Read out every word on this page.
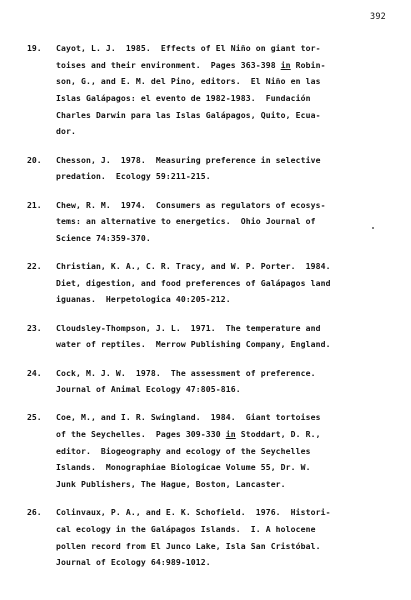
392
19.	Cayot, L. J.  1985.  Effects of El Niño on giant tor-
toises and their environment.  Pages 363-398 in Robin-
son, G., and E. M. del Pino, editors.  El Niño en las
Islas Galápagos: el evento de 1982-1983.  Fundación
Charles Darwin para las Islas Galápagos, Quito, Ecua-
dor.
20.	Chesson, J.  1978.  Measuring preference in selective
predation.  Ecology 59:211-215.
21.	Chew, R. M.  1974.  Consumers as regulators of ecosys-
tems: an alternative to energetics.  Ohio Journal of
Science 74:359-370.
22.	Christian, K. A., C. R. Tracy, and W. P. Porter.  1984.
Diet, digestion, and food preferences of Galápagos land
iguanas.  Herpetologica 40:205-212.
23.	Cloudsley-Thompson, J. L.  1971.  The temperature and
water of reptiles.  Merrow Publishing Company, England.
24.	Cock, M. J. W.  1978.  The assessment of preference.
Journal of Animal Ecology 47:805-816.
25.	Coe, M., and I. R. Swingland.  1984.  Giant tortoises
of the Seychelles.  Pages 309-330 in Stoddart, D. R.,
editor.  Biogeography and ecology of the Seychelles
Islands.  Monographiae Biologicae Volume 55, Dr. W.
Junk Publishers, The Hague, Boston, Lancaster.
26.	Colinvaux, P. A., and E. K. Schofield.  1976.  Histori-
cal ecology in the Galápagos Islands.  I. A holocene
pollen record from El Junco Lake, Isla San Cristóbal.
Journal of Ecology 64:989-1012.
